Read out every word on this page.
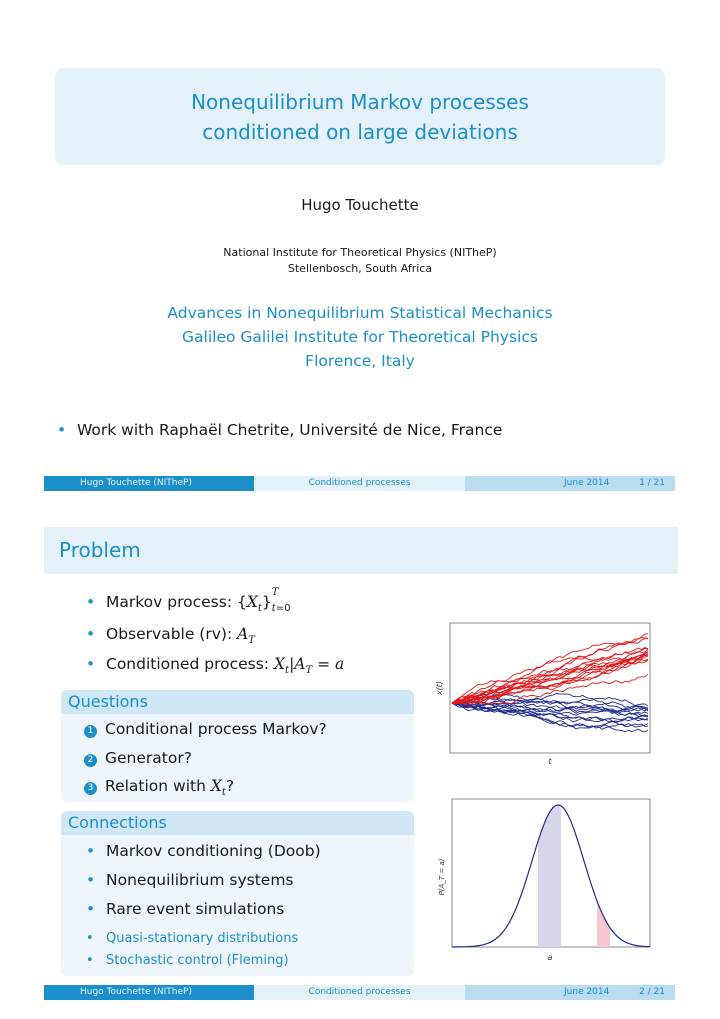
Nonequilibrium Markov processes
conditioned on large deviations
Hugo Touchette
National Institute for Theoretical Physics (NITheP)
Stellenbosch, South Africa
Advances in Nonequilibrium Statistical Mechanics
Galileo Galilei Institute for Theoretical Physics
Florence, Italy
• Work with Raphaël Chetrite, Université de Nice, France
Hugo Touchette (NITheP)	Conditioned processes	June 2014	1 / 21
Problem
• Markov process: $\{X_t\}$
T
$_{t=0}$
• Observable (rv): $A_T$
• Conditioned process: $X_t|A_T = a$
Questions
1 Conditional process Markov?
2 Generator?
3 Relation with $X_t$?
Connections
• Markov conditioning (Doob)
• Nonequilibrium systems
• Rare event simulations
• Quasi-stationary distributions
• Stochastic control (Fleming)
t
x(t)
a
P(A_T = a)
Hugo Touchette (NITheP)	Conditioned processes	June 2014	2 / 21
